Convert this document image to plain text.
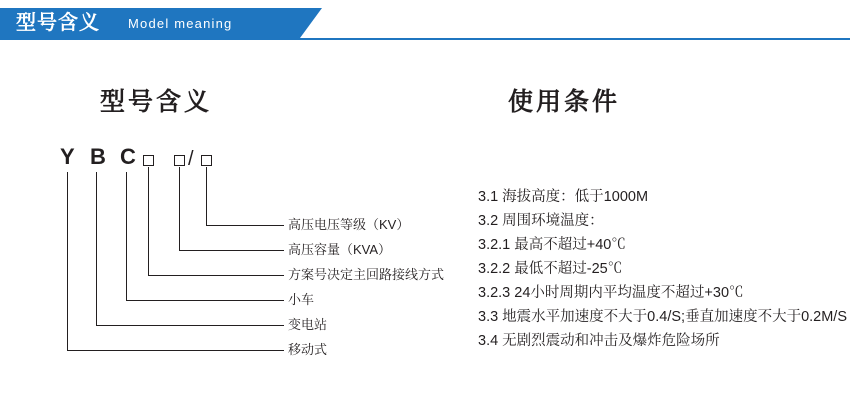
型号含义 Model meaning
型号含义	使用条件
Y B C	/
高压电压等级（KV）
高压容量（KVA）
方案号决定主回路接线方式
小车
变电站
移动式
3.1 海拔高度：低于1000M
3.2 周围环境温度：
3.2.1 最高不超过+40℃
3.2.2 最低不超过-25℃
3.2.3 24小时周期内平均温度不超过+30℃
3.3 地震水平加速度不大于0.4/S;垂直加速度不大于0.2M/S
3.4 无剧烈震动和冲击及爆炸危险场所
